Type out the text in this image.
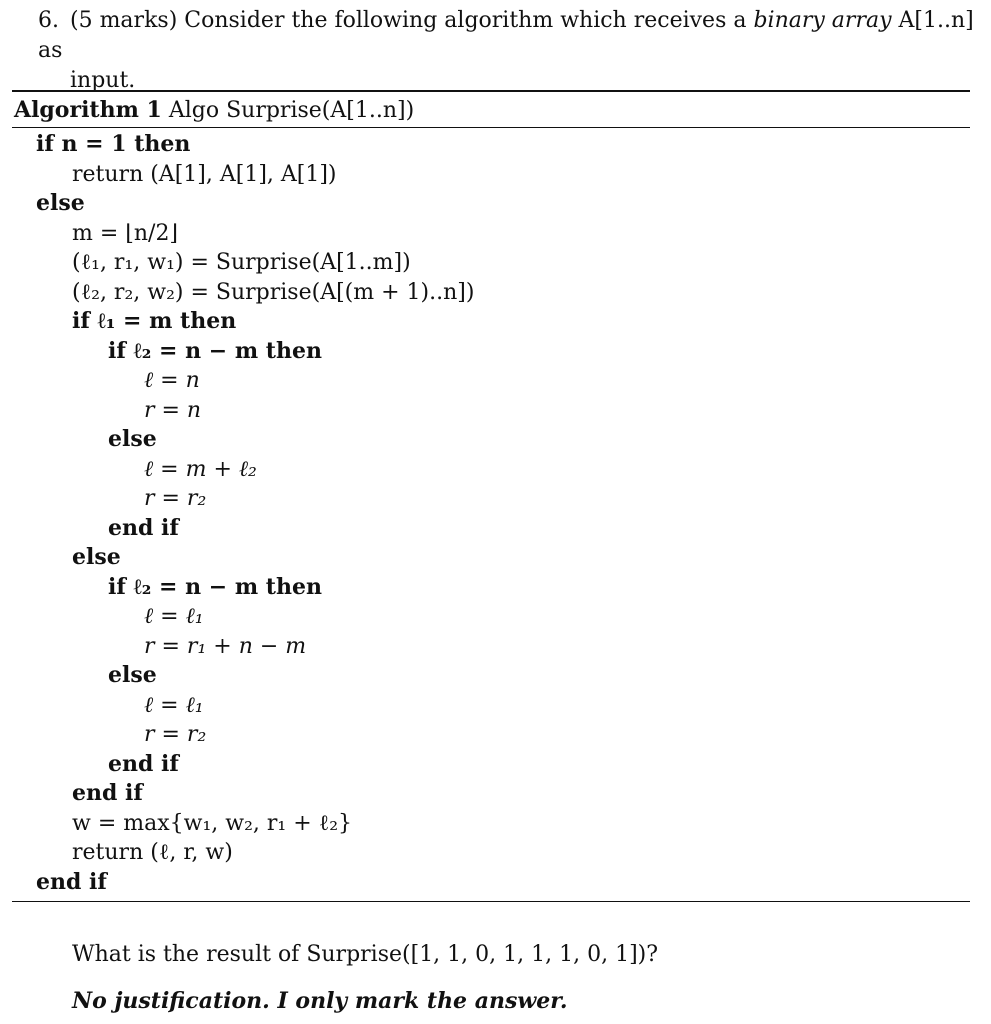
6. (5 marks) Consider the following algorithm which receives a binary array A[1..n] as
input.
Algorithm 1 Algo Surprise(A[1..n])
if n = 1 then
return (A[1], A[1], A[1])
else
m = ⌊n/2⌋
(ℓ₁, r₁, w₁) = Surprise(A[1..m])
(ℓ₂, r₂, w₂) = Surprise(A[(m + 1)..n])
if ℓ₁ = m then
if ℓ₂ = n − m then
ℓ = n
r = n
else
ℓ = m + ℓ₂
r = r₂
end if
else
if ℓ₂ = n − m then
ℓ = ℓ₁
r = r₁ + n − m
else
ℓ = ℓ₁
r = r₂
end if
end if
w = max{w₁, w₂, r₁ + ℓ₂}
return (ℓ, r, w)
end if
What is the result of Surprise([1, 1, 0, 1, 1, 1, 0, 1])?
No justification. I only mark the answer.
